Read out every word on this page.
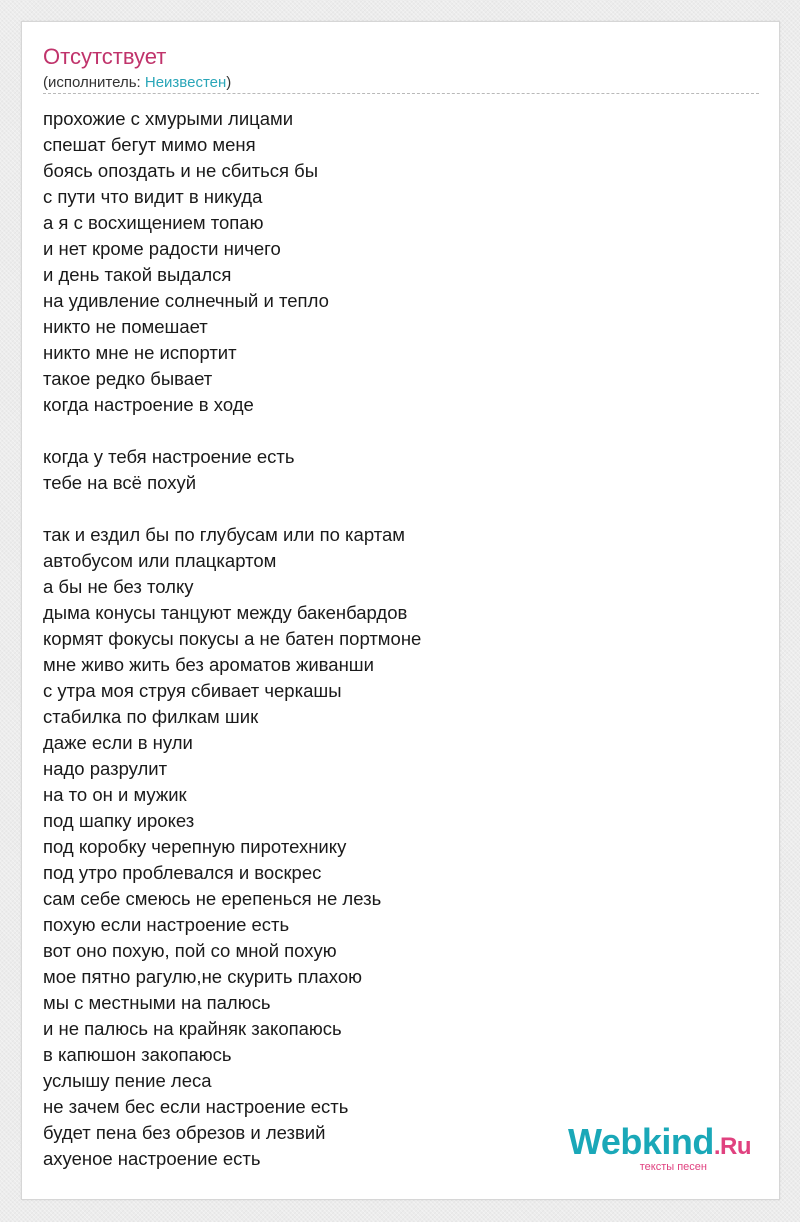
Отсутствует
(исполнитель: Неизвестен)
прохожие с хмурыми лицами
спешат бегут мимо меня
боясь опоздать и не сбиться бы
с пути что видит в никуда
а я с восхищением топаю
и нет кроме радости ничего
и день такой выдался
на удивление солнечный и тепло
никто не помешает
никто мне не испортит
такое редко бывает
когда настроение в ходе
когда у тебя настроение есть
тебе на всё похуй
так и ездил бы по глубусам или по картам
автобусом или плацкартом
а бы не без толку
дыма конусы танцуют между бакенбардов
кормят фокусы покусы а не батен портмоне
мне живо жить без ароматов живанши
с утра моя струя сбивает черкашы
стабилка по филкам шик
даже если в нули
надо разрулит
на то он и мужик
под шапку ирокез
под коробку черепную пиротехнику
под утро проблевался и воскрес
сам себе смеюсь не ерепенься не лезь
похую если настроение есть
вот оно похую, пой со мной похую
мое пятно рагулю,не скурить плахою
мы с местными на палюсь
и не палюсь на крайняк закопаюсь
в капюшон закопаюсь
услышу пение леса
не зачем бес если настроение есть
будет пена без обрезов и лезвий
ахуеное настроение есть	Webkind.Ru
тексты песен
